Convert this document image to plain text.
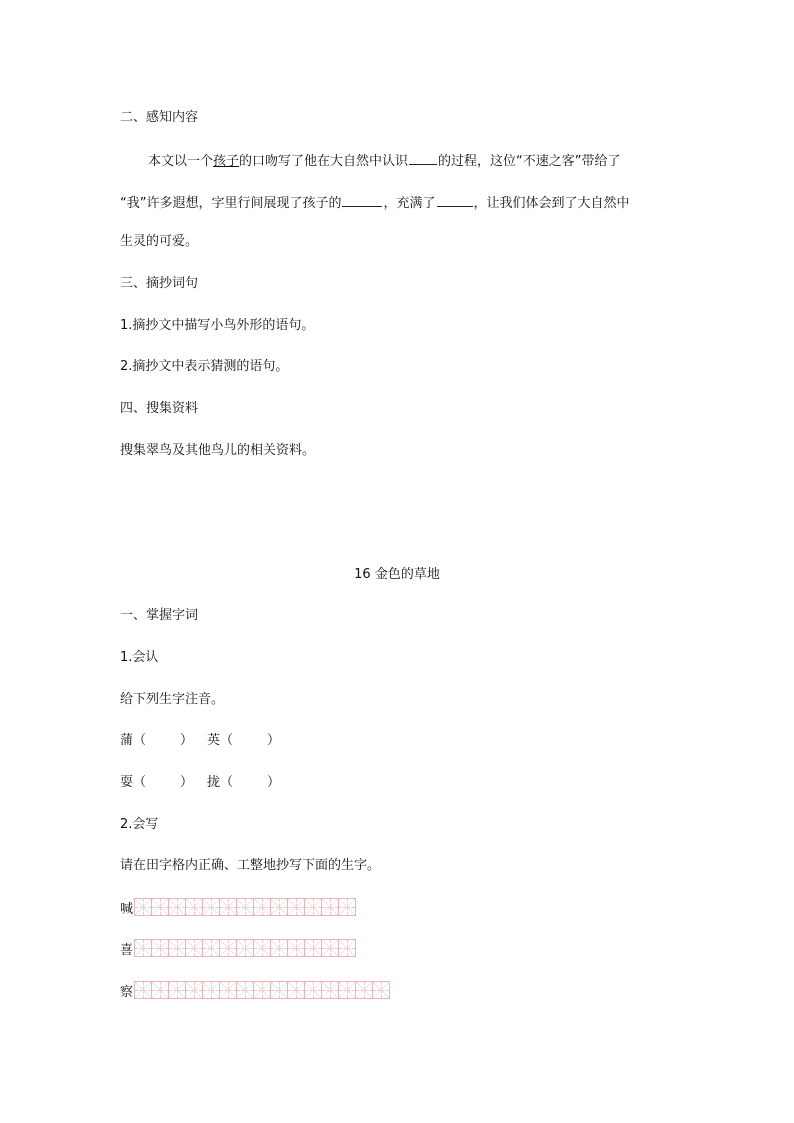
二、感知内容
本文以一个孩子的口吻写了他在大自然中认识 的过程，这位“不速之客”带给了
“我”许多遐想，字里行间展现了孩子的	，充满了	，让我们体会到了大自然中
生灵的可爱。
三、摘抄词句
1.摘抄文中描写小鸟外形的语句。
2.摘抄文中表示猜测的语句。
四、搜集资料
搜集翠鸟及其他鸟儿的相关资料。
16 金色的草地
一、掌握字词
1.会认
给下列生字注音。
蒲（	） 英（	）
耍（	） 拢（	）
2.会写
请在田字格内正确、工整地抄写下面的生字。
喊
喜
察
